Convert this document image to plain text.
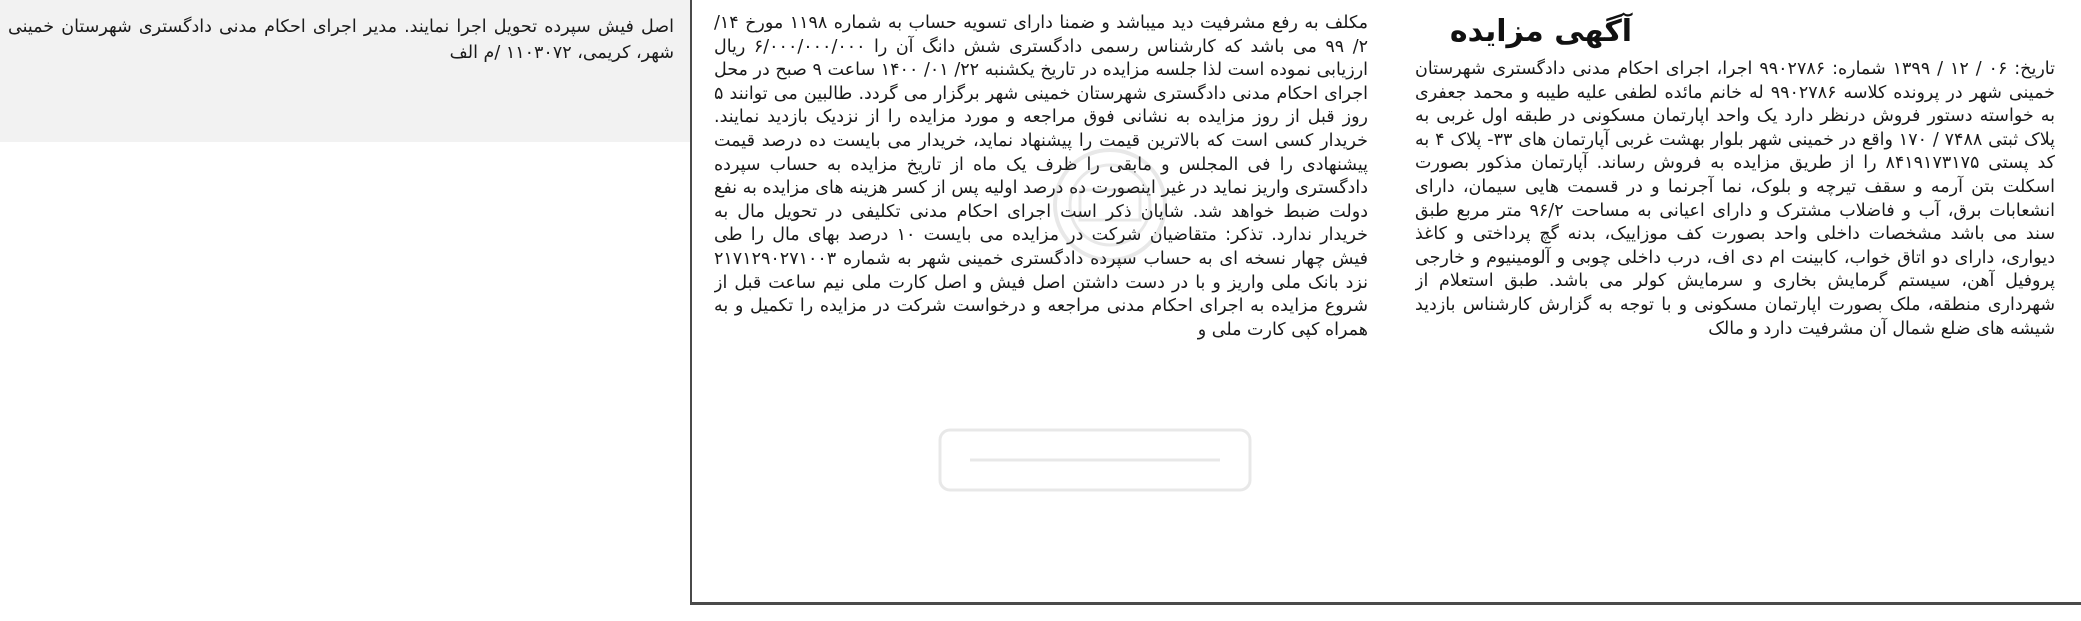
اصل فیش سپرده تحویل اجرا نمایند. مدیر اجرای احکام مدنی دادگستری شهرستان خمینی شهر، کریمی، ۱۱۰۳۰۷۲ /م الف
آگهی مزایده
تاریخ: ۰۶ / ۱۲ / ۱۳۹۹ شماره: ۹۹۰۲۷۸۶ اجرا، اجرای احکام مدنی دادگستری شهرستان خمینی شهر در پرونده کلاسه ۹۹۰۲۷۸۶ له خانم مائده لطفی علیه طیبه و محمد جعفری به خواسته دستور فروش درنظر دارد یک واحد اپارتمان مسکونی در طبقه اول غربی به پلاک ثبتی ۷۴۸۸ / ۱۷۰ واقع در خمینی شهر بلوار بهشت غربی آپارتمان های ۳۳- پلاک ۴ به کد پستی ۸۴۱۹۱۷۳۱۷۵ را از طریق مزایده به فروش رساند. آپارتمان مذکور بصورت اسکلت بتن آرمه و سقف تیرچه و بلوک، نما آجرنما و در قسمت هایی سیمان، دارای انشعابات برق، آب و فاضلاب مشترک و دارای اعیانی به مساحت ۹۶/۲ متر مربع طبق سند می باشد مشخصات داخلی واحد بصورت کف موزاییک، بدنه گچ پرداختی و کاغذ دیواری، دارای دو اتاق خواب، کابینت ام دی اف، درب داخلی چوبی و آلومینیوم و خارجی پروفیل آهن، سیستم گرمایش بخاری و سرمایش کولر می باشد. طبق استعلام از شهرداری منطقه، ملک بصورت اپارتمان مسکونی و با توجه به گزارش کارشناس بازدید شیشه های ضلع شمال آن مشرفیت دارد و مالک
مکلف به رفع مشرفیت دید میباشد و ضمنا دارای تسویه حساب به شماره ۱۱۹۸ مورخ ۱۴/ ۲/ ۹۹ می باشد که کارشناس رسمی دادگستری شش دانگ آن را ۶/۰۰۰/۰۰۰/۰۰۰ ریال ارزیابی نموده است لذا جلسه مزایده در تاریخ یکشنبه ۲۲/ ۰۱/ ۱۴۰۰ ساعت ۹ صبح در محل اجرای احکام مدنی دادگستری شهرستان خمینی شهر برگزار می گردد. طالبین می توانند ۵ روز قبل از روز مزایده به نشانی فوق مراجعه و مورد مزایده را از نزدیک بازدید نمایند. خریدار کسی است که بالاترین قیمت را پیشنهاد نماید، خریدار می بایست ده درصد قیمت پیشنهادی را فی المجلس و مابقی را ظرف یک ماه از تاریخ مزایده به حساب سپرده دادگستری واریز نماید در غیر اینصورت ده درصد اولیه پس از کسر هزینه های مزایده به نفع دولت ضبط خواهد شد. شایان ذکر است اجرای احکام مدنی تکلیفی در تحویل مال به خریدار ندارد. تذکر: متقاضیان شرکت در مزایده می بایست ۱۰ درصد بهای مال را طی فیش چهار نسخه ای به حساب سپرده دادگستری خمینی شهر به شماره ۲۱۷۱۲۹۰۲۷۱۰۰۳ نزد بانک ملی واریز و با در دست داشتن اصل فیش و اصل کارت ملی نیم ساعت قبل از شروع مزایده به اجرای احکام مدنی مراجعه و درخواست شرکت در مزایده را تکمیل و به همراه کپی کارت ملی و
